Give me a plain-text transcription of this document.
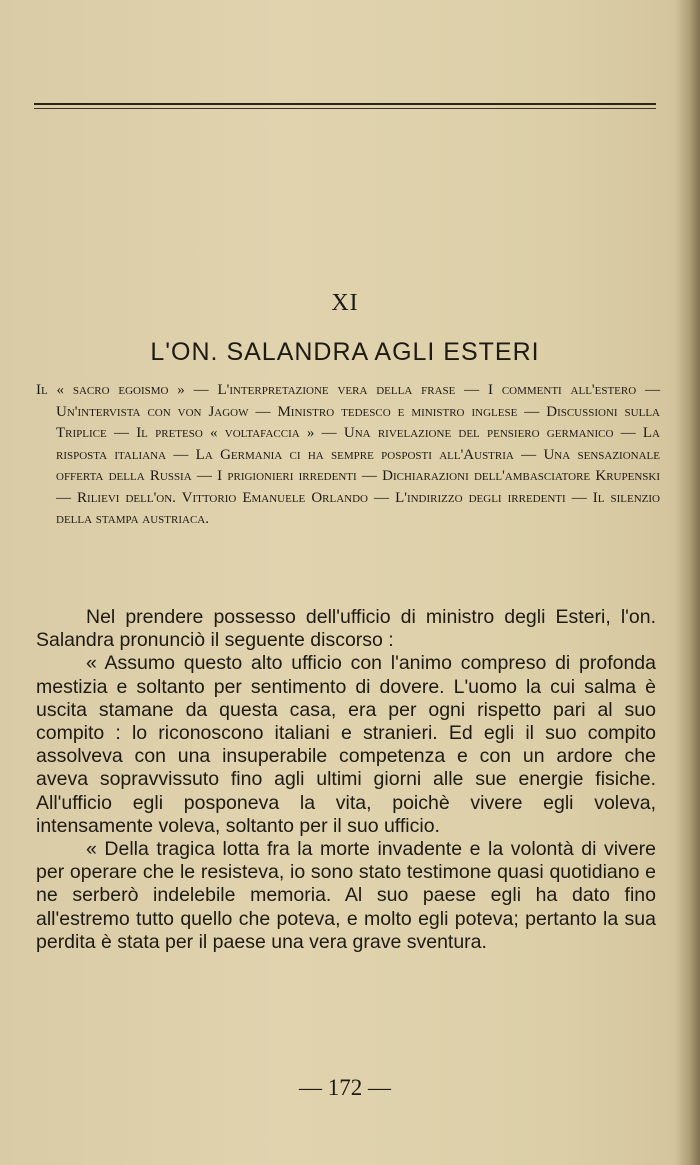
XI
L'ON. SALANDRA AGLI ESTERI
Il « sacro egoismo » — L'interpretazione vera della frase — I commenti all'estero — Un'intervista con von Jagow — Ministro tedesco e ministro inglese — Discussioni sulla Triplice — Il preteso « voltafaccia » — Una rivelazione del pensiero germanico — La risposta italiana — La Germania ci ha sempre posposti all'Austria — Una sensazionale offerta della Russia — I prigionieri irredenti — Dichiarazioni dell'ambasciatore Krupenski — Rilievi dell'on. Vittorio Emanuele Orlando — L'indirizzo degli irredenti — Il silenzio della stampa austriaca.

Nel prendere possesso dell'ufficio di ministro degli Esteri, l'on. Salandra pronunciò il seguente discorso :

« Assumo questo alto ufficio con l'animo compreso di profonda mestizia e soltanto per sentimento di dovere. L'uomo la cui salma è uscita stamane da questa casa, era per ogni rispetto pari al suo compito : lo riconoscono italiani e stranieri. Ed egli il suo compito assolveva con una insuperabile competenza e con un ardore che aveva sopravvissuto fino agli ultimi giorni alle sue energie fisiche. All'ufficio egli posponeva la vita, poichè vivere egli voleva, intensamente voleva, soltanto per il suo ufficio.

« Della tragica lotta fra la morte invadente e la volontà di vivere per operare che le resisteva, io sono stato testimone quasi quotidiano e ne serberò indelebile memoria. Al suo paese egli ha dato fino all'estremo tutto quello che poteva, e molto egli poteva; pertanto la sua perdita è stata per il paese una vera grave sventura.

— 172 —
